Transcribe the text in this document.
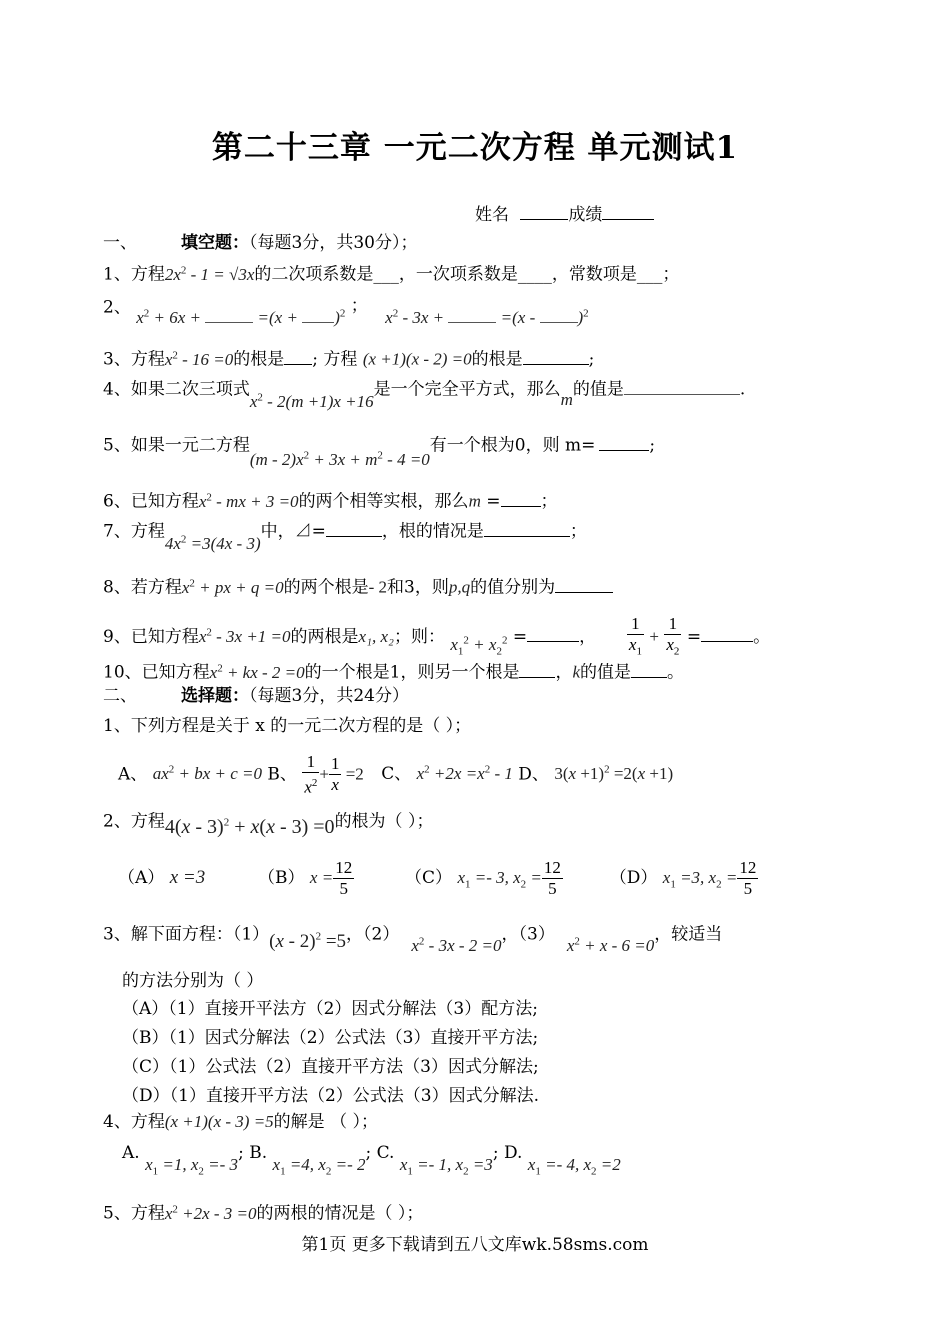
第二十三章 一元二次方程 单元测试1
姓名	成绩
一、	填空题：（每题3分，共30分）；
1、方程$2x^2 - 1 = √3x$的二次项系数是___，一次项系数是____，常数项是___；
2、 $x^2 + 6x$ +	$=(x + )^2$ ； $x^2 - 3x$ +	=(x - )$^2$
3、方程$x^2 - 16 =0$的根是 ; 方程 (x +1)(x - 2) =0的根是	;
4、如果二次三项式$x^2 - 2(m +1)x +16$是一个完全平方式，那么m的值是	.
5、如果一元二方程$(m - 2)x^2 + 3x + m^2 - 4 =0$有一个根为0，则 m=	;
6、已知方程$x^2$ - mx + 3 =0的两个相等实根，那么m = ；
7、方程$4x^2 =3(4x - 3)$中，⊿=	，根的情况是	；
8、若方程$x^2$ + px + q =0的两个根是- 2和3，则p,q的值分别为
9、已知方程$x^2 - 3x +1 =0$的两根是x₁, x₂；则： $x_1^2 + x_2^2$ =	， $\frac{1}{x_1} + \frac{1}{x_2}$ =	。
10、已知方程$x^2$ + kx - 2 =0的一个根是1，则另一个根是 ，k的值是 。
二、	选择题：（每题3分，共24分）
1、下列方程是关于 x 的一元二次方程的是（ ）；
A、 $ax^2$ + bx + c =0 B、 $\frac{1}{x^2} + \frac{1}{x} =2$ C、 $x^2 +2x =x^2 - 1$ D、 $3(x +1)^2 =2(x +1)$
2、方程4(x - 3)$^2$ + x(x - 3) =0的根为（ ）；
（A） x =3	（B） $x = \frac{12}{5}$	（C） $x_1 =- 3$, $x_2 = \frac{12}{5}$	（D） $x_1 =3$, $x_2 = \frac{12}{5}$
3、解下面方程：（1）(x - 2)$^2$ =5，$(2)x^2 - 3x - 2 =0$，$(3)x^2 + x - 6 =0$，较适当
的方法分别为（ ）
（A）（1）直接开平法方（2）因式分解法（3）配方法;
（B）（1）因式分解法（2）公式法（3）直接开平方法;
（C）（1）公式法（2）直接开平方法（3）因式分解法;
（D）（1）直接开平方法（2）公式法（3）因式分解法.
4、方程(x +1)(x - 3) =5的解是 （ ）；
A. $x_1 =1$, $x_2 =- 3$; B. $x_1 =4$, $x_2 =- 2$; C. $x_1 =- 1$, $x_2 =3$; D. $x_1 =- 4$, $x_2 =2$
5、方程$x^2 +2x - 3 =0$的两根的情况是（ ）；
第1页 更多下载请到五八文库wk.58sms.com
